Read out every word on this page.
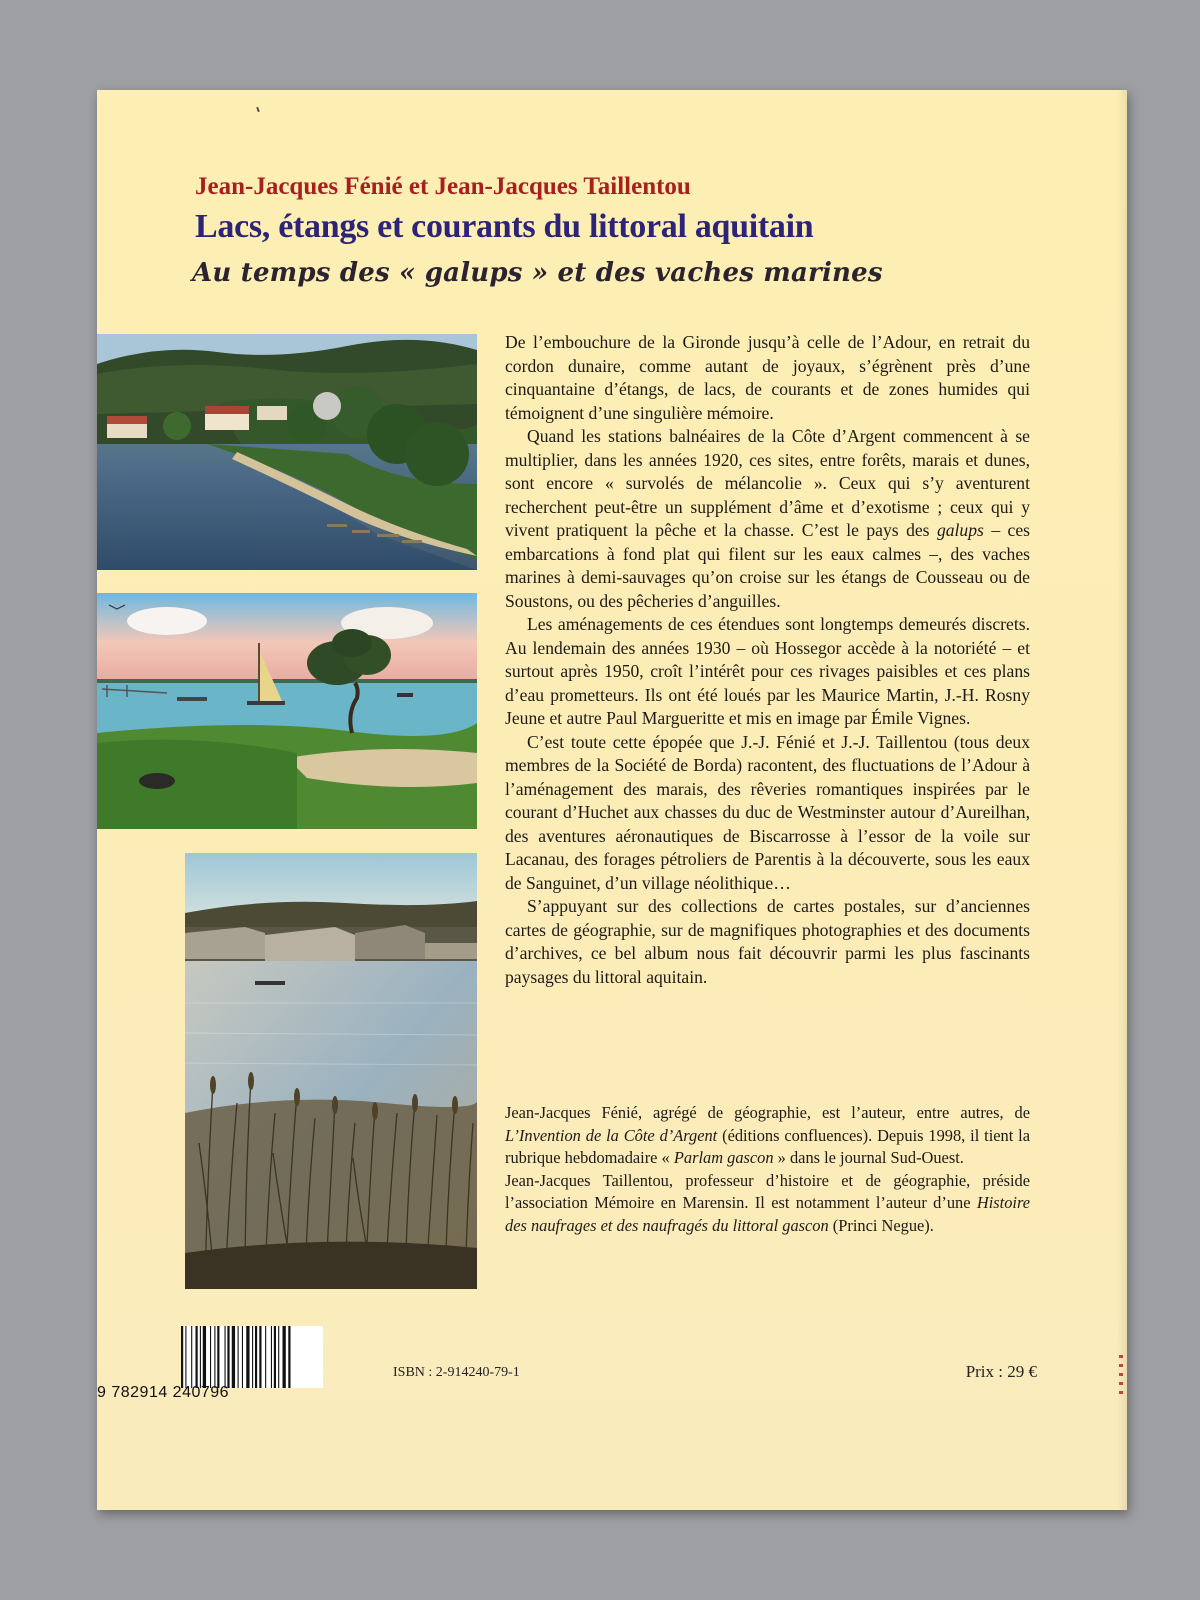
Jean-Jacques Fénié et Jean-Jacques Taillentou
Lacs, étangs et courants du littoral aquitain
Au temps des « galups » et des vaches marines

De l’embouchure de la Gironde jusqu’à celle de l’Adour, en retrait du cordon dunaire, comme autant de joyaux, s’égrènent près d’une cinquantaine d’étangs, de lacs, de courants et de zones humides qui témoignent d’une singulière mémoire.

Quand les stations balnéaires de la Côte d’Argent commencent à se multiplier, dans les années 1920, ces sites, entre forêts, marais et dunes, sont encore « survolés de mélancolie ». Ceux qui s’y aventurent recherchent peut-être un supplément d’âme et d’exotisme ; ceux qui y vivent pratiquent la pêche et la chasse. C’est le pays des galups – ces embarcations à fond plat qui filent sur les eaux calmes –, des vaches marines à demi-sauvages qu’on croise sur les étangs de Cousseau ou de Soustons, ou des pêcheries d’anguilles.

Les aménagements de ces étendues sont longtemps demeurés discrets. Au lendemain des années 1930 – où Hossegor accède à la notoriété – et surtout après 1950, croît l’intérêt pour ces rivages paisibles et ces plans d’eau prometteurs. Ils ont été loués par les Maurice Martin, J.-H. Rosny Jeune et autre Paul Margueritte et mis en image par Émile Vignes.

C’est toute cette épopée que J.-J. Fénié et J.-J. Taillentou (tous deux membres de la Société de Borda) racontent, des fluctuations de l’Adour à l’aménagement des marais, des rêveries romantiques inspirées par le courant d’Huchet aux chasses du duc de Westminster autour d’Aureilhan, des aventures aéronautiques de Biscarrosse à l’essor de la voile sur Lacanau, des forages pétroliers de Parentis à la découverte, sous les eaux de Sanguinet, d’un village néolithique…

S’appuyant sur des collections de cartes postales, sur d’anciennes cartes de géographie, sur de magnifiques photographies et des documents d’archives, ce bel album nous fait découvrir parmi les plus fascinants paysages du littoral aquitain.

Jean-Jacques Fénié, agrégé de géographie, est l’auteur, entre autres, de L’Invention de la Côte d’Argent (éditions confluences). Depuis 1998, il tient la rubrique hebdomadaire « Parlam gascon » dans le journal Sud-Ouest.
Jean-Jacques Taillentou, professeur d’histoire et de géographie, préside l’association Mémoire en Marensin. Il est notamment l’auteur d’une Histoire des naufrages et des naufragés du littoral gascon (Princi Negue).
9 782914 240796
ISBN : 2-914240-79-1	Prix : 29 €
